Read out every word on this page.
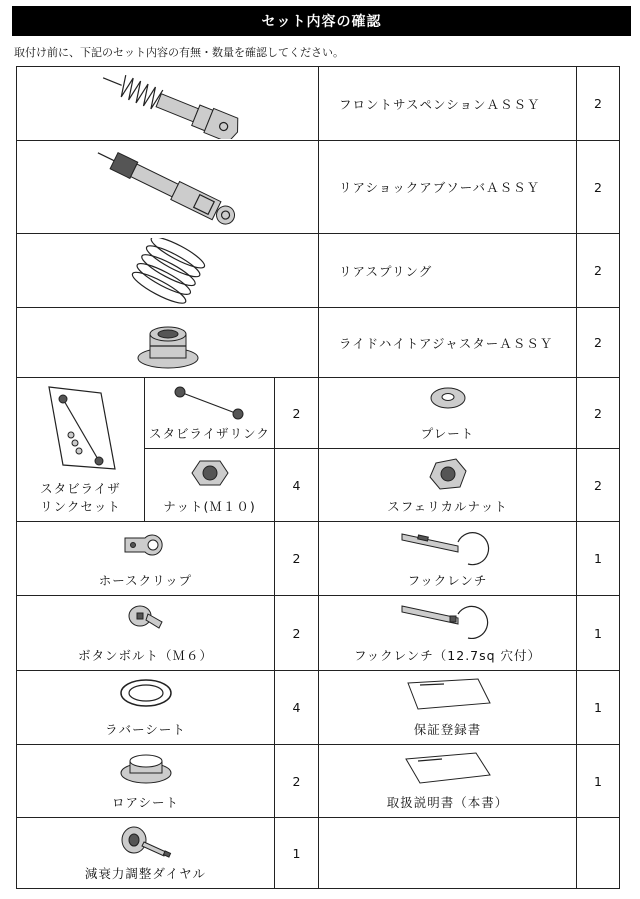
セット内容の確認
取付け前に、下記のセット内容の有無・数量を確認してください。
	フロントサスペンションＡＳＳＹ	2

	リアショックアブソーバＡＳＳＹ	2

	リアスプリング	2

	ライドハイトアジャスターＡＳＳＹ	2

スタビライザ
リンクセット	スタビライザリンク	2	プレート	2

	ナット(Ｍ１０)	4	スフェリカルナット	2

ホースクリップ		2	フックレンチ	1

ボタンボルト（Ｍ６）		2	フックレンチ（12.7sq 穴付）	1

ラバーシート		4	保証登録書	1

ロアシート		2	取扱説明書（本書）	1

減衰力調整ダイヤル		1		
